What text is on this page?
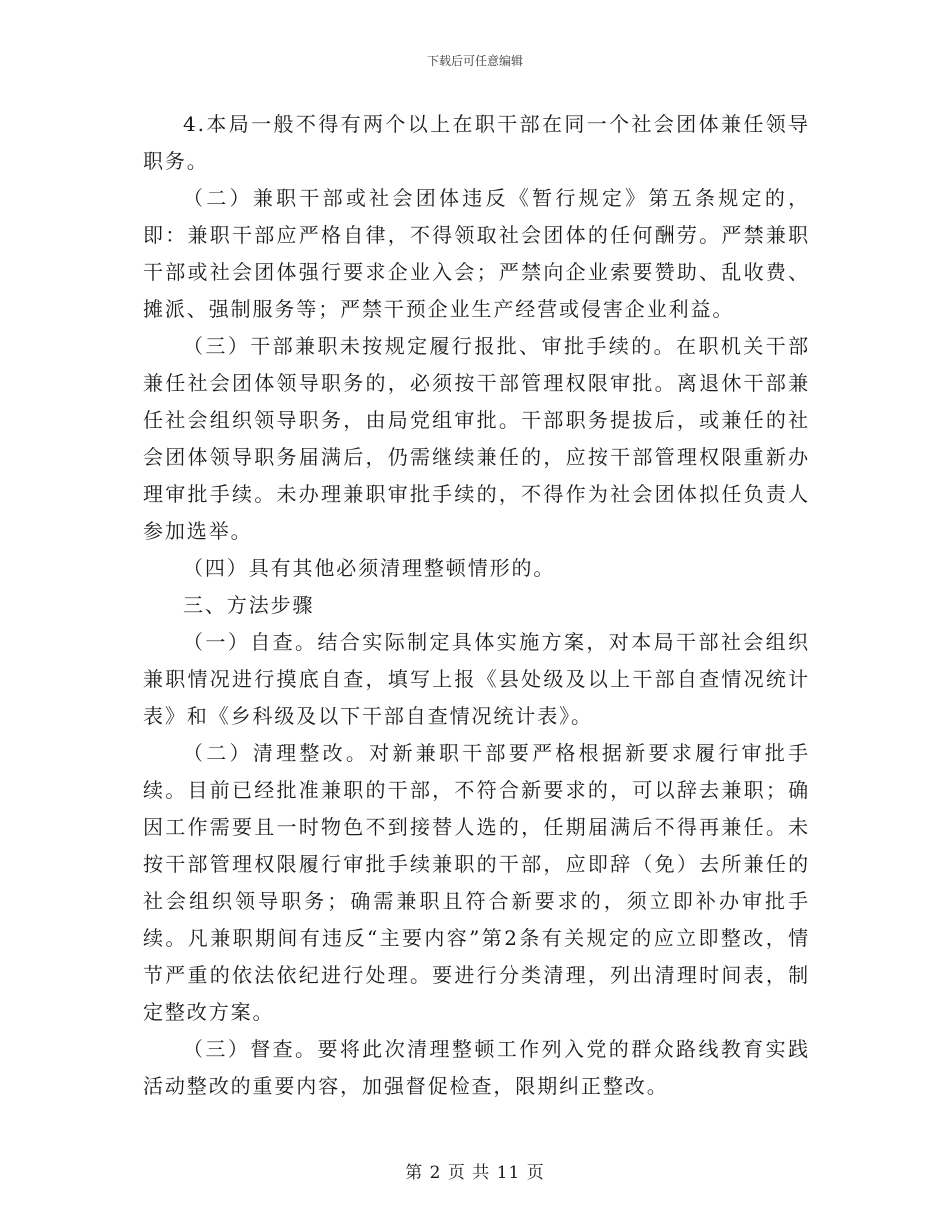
下载后可任意编辑

4.本局一般不得有两个以上在职干部在同一个社会团体兼任领导职务。

（二）兼职干部或社会团体违反《暂行规定》第五条规定的，即：兼职干部应严格自律，不得领取社会团体的任何酬劳。严禁兼职干部或社会团体强行要求企业入会；严禁向企业索要赞助、乱收费、摊派、强制服务等；严禁干预企业生产经营或侵害企业利益。

（三）干部兼职未按规定履行报批、审批手续的。在职机关干部兼任社会团体领导职务的，必须按干部管理权限审批。离退休干部兼任社会组织领导职务，由局党组审批。干部职务提拔后，或兼任的社会团体领导职务届满后，仍需继续兼任的，应按干部管理权限重新办理审批手续。未办理兼职审批手续的，不得作为社会团体拟任负责人参加选举。

（四）具有其他必须清理整顿情形的。

三、方法步骤

（一）自查。结合实际制定具体实施方案，对本局干部社会组织兼职情况进行摸底自查，填写上报《县处级及以上干部自查情况统计表》和《乡科级及以下干部自查情况统计表》。

（二）清理整改。对新兼职干部要严格根据新要求履行审批手续。目前已经批准兼职的干部，不符合新要求的，可以辞去兼职；确因工作需要且一时物色不到接替人选的，任期届满后不得再兼任。未按干部管理权限履行审批手续兼职的干部，应即辞（免）去所兼任的社会组织领导职务；确需兼职且符合新要求的，须立即补办审批手续。凡兼职期间有违反“主要内容”第2条有关规定的应立即整改，情节严重的依法依纪进行处理。要进行分类清理，列出清理时间表，制定整改方案。

（三）督查。要将此次清理整顿工作列入党的群众路线教育实践活动整改的重要内容，加强督促检查，限期纠正整改。

第 2 页 共 11 页
